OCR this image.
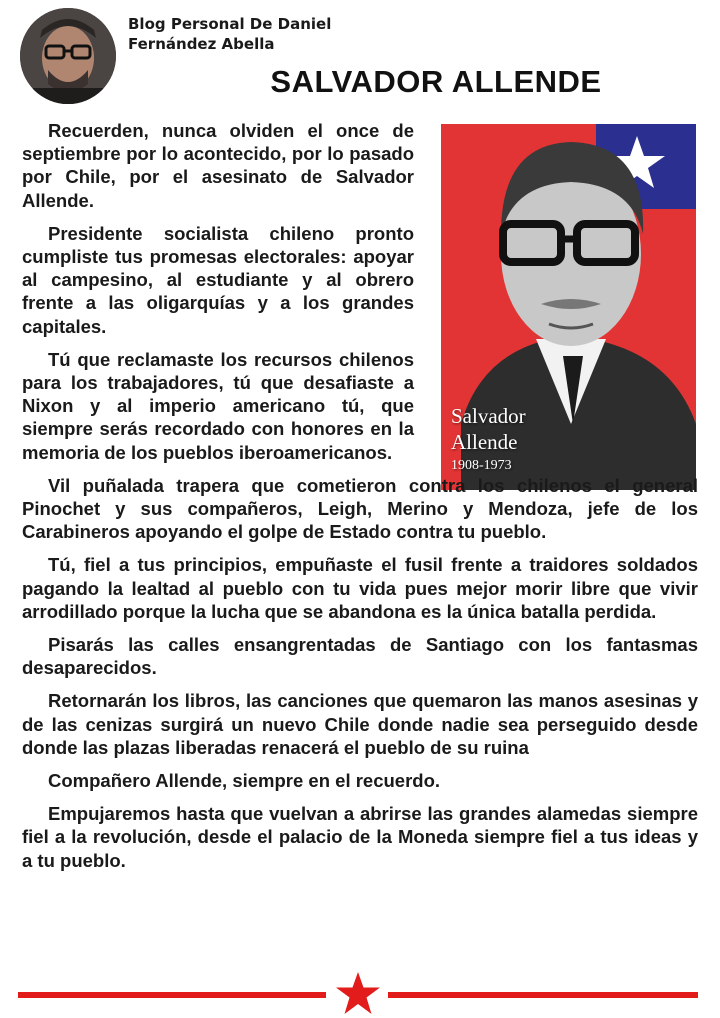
Blog Personal De Daniel Fernández Abella
SALVADOR ALLENDE
Salvador
Allende
1908-1973

Recuerden, nunca olviden el once de septiembre por lo acontecido, por lo pasado por Chile, por el asesinato de Salvador Allende.

Presidente socialista chileno pronto cumpliste tus promesas electorales: apoyar al campesino, al estudiante y al obrero frente a las oligarquías y a los grandes capitales.

Tú que reclamaste los recursos chilenos para los trabajadores, tú que desafiaste a Nixon y al imperio americano tú, que siempre serás recordado con honores en la memoria de los pueblos iberoamericanos.

Vil puñalada trapera que cometieron contra los chilenos el general Pinochet y sus compañeros, Leigh, Merino y Mendoza, jefe de los Carabineros apoyando el golpe de Estado contra tu pueblo.

Tú, fiel a tus principios, empuñaste el fusil frente a traidores soldados pagando la lealtad al pueblo con tu vida pues mejor morir libre que vivir arrodillado porque la lucha que se abandona es la única batalla perdida.

Pisarás las calles ensangrentadas de Santiago con los fantasmas desaparecidos.

Retornarán los libros, las canciones que quemaron las manos asesinas y de las cenizas surgirá un nuevo Chile donde nadie sea perseguido desde donde las plazas liberadas renacerá el pueblo de su ruina

Compañero Allende, siempre en el recuerdo.

Empujaremos hasta que vuelvan a abrirse las grandes alamedas siempre fiel a la revolución, desde el palacio de la Moneda siempre fiel a tus ideas y a tu pueblo.
